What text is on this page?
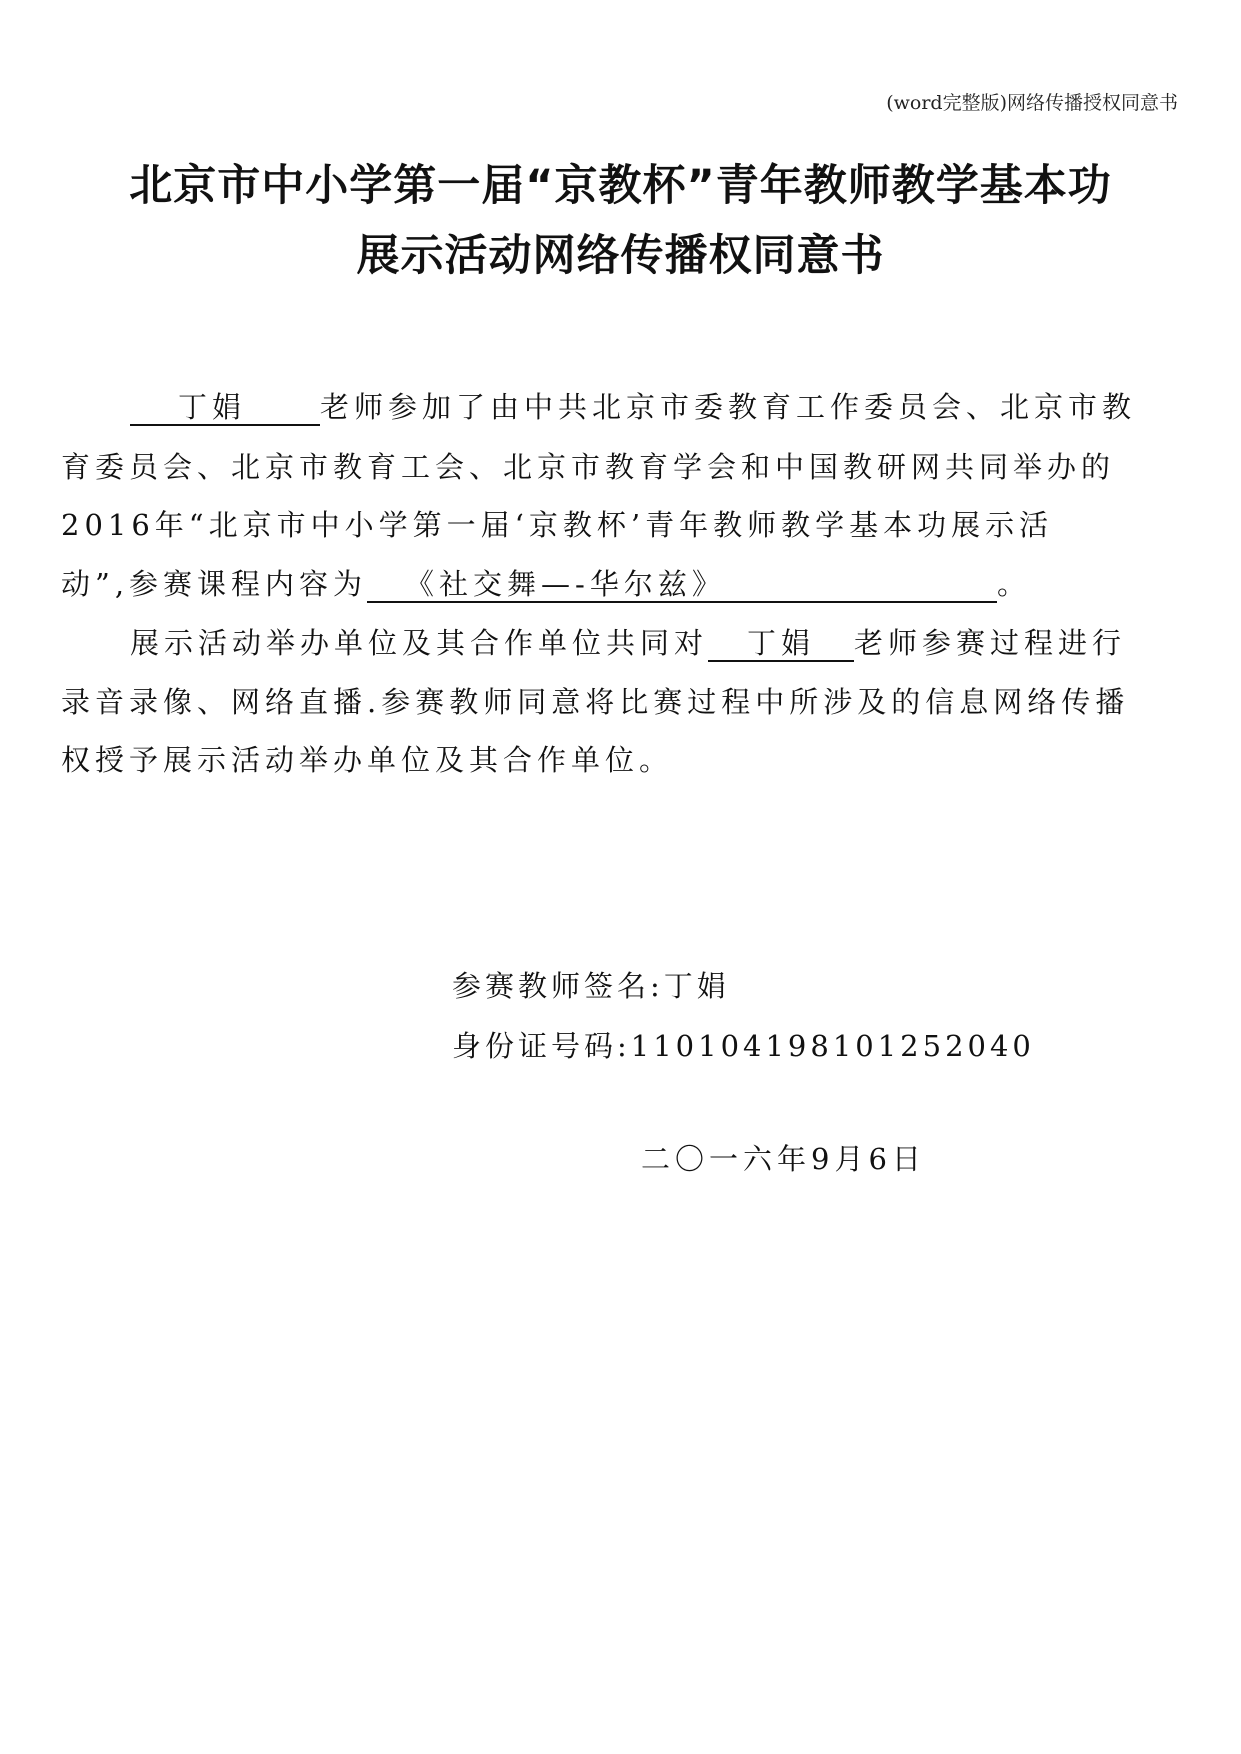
(word完整版)网络传播授权同意书
北京市中小学第一届“京教杯”青年教师教学基本功
展示活动网络传播权同意书
丁娟	老师参加了由中共北京市委教育工作委员会、北京市教
育委员会、北京市教育工会、北京市教育学会和中国教研网共同举办的
2016年“北京市中小学第一届‘京教杯’青年教师教学基本功展示活
动”,参赛课程内容为 《社交舞—-华尔兹》	。
展示活动举办单位及其合作单位共同对 丁娟 老师参赛过程进行
录音录像、网络直播.参赛教师同意将比赛过程中所涉及的信息网络传播
权授予展示活动举办单位及其合作单位。
参赛教师签名:丁娟
身份证号码:110104198101252040
二〇一六年9月6日
